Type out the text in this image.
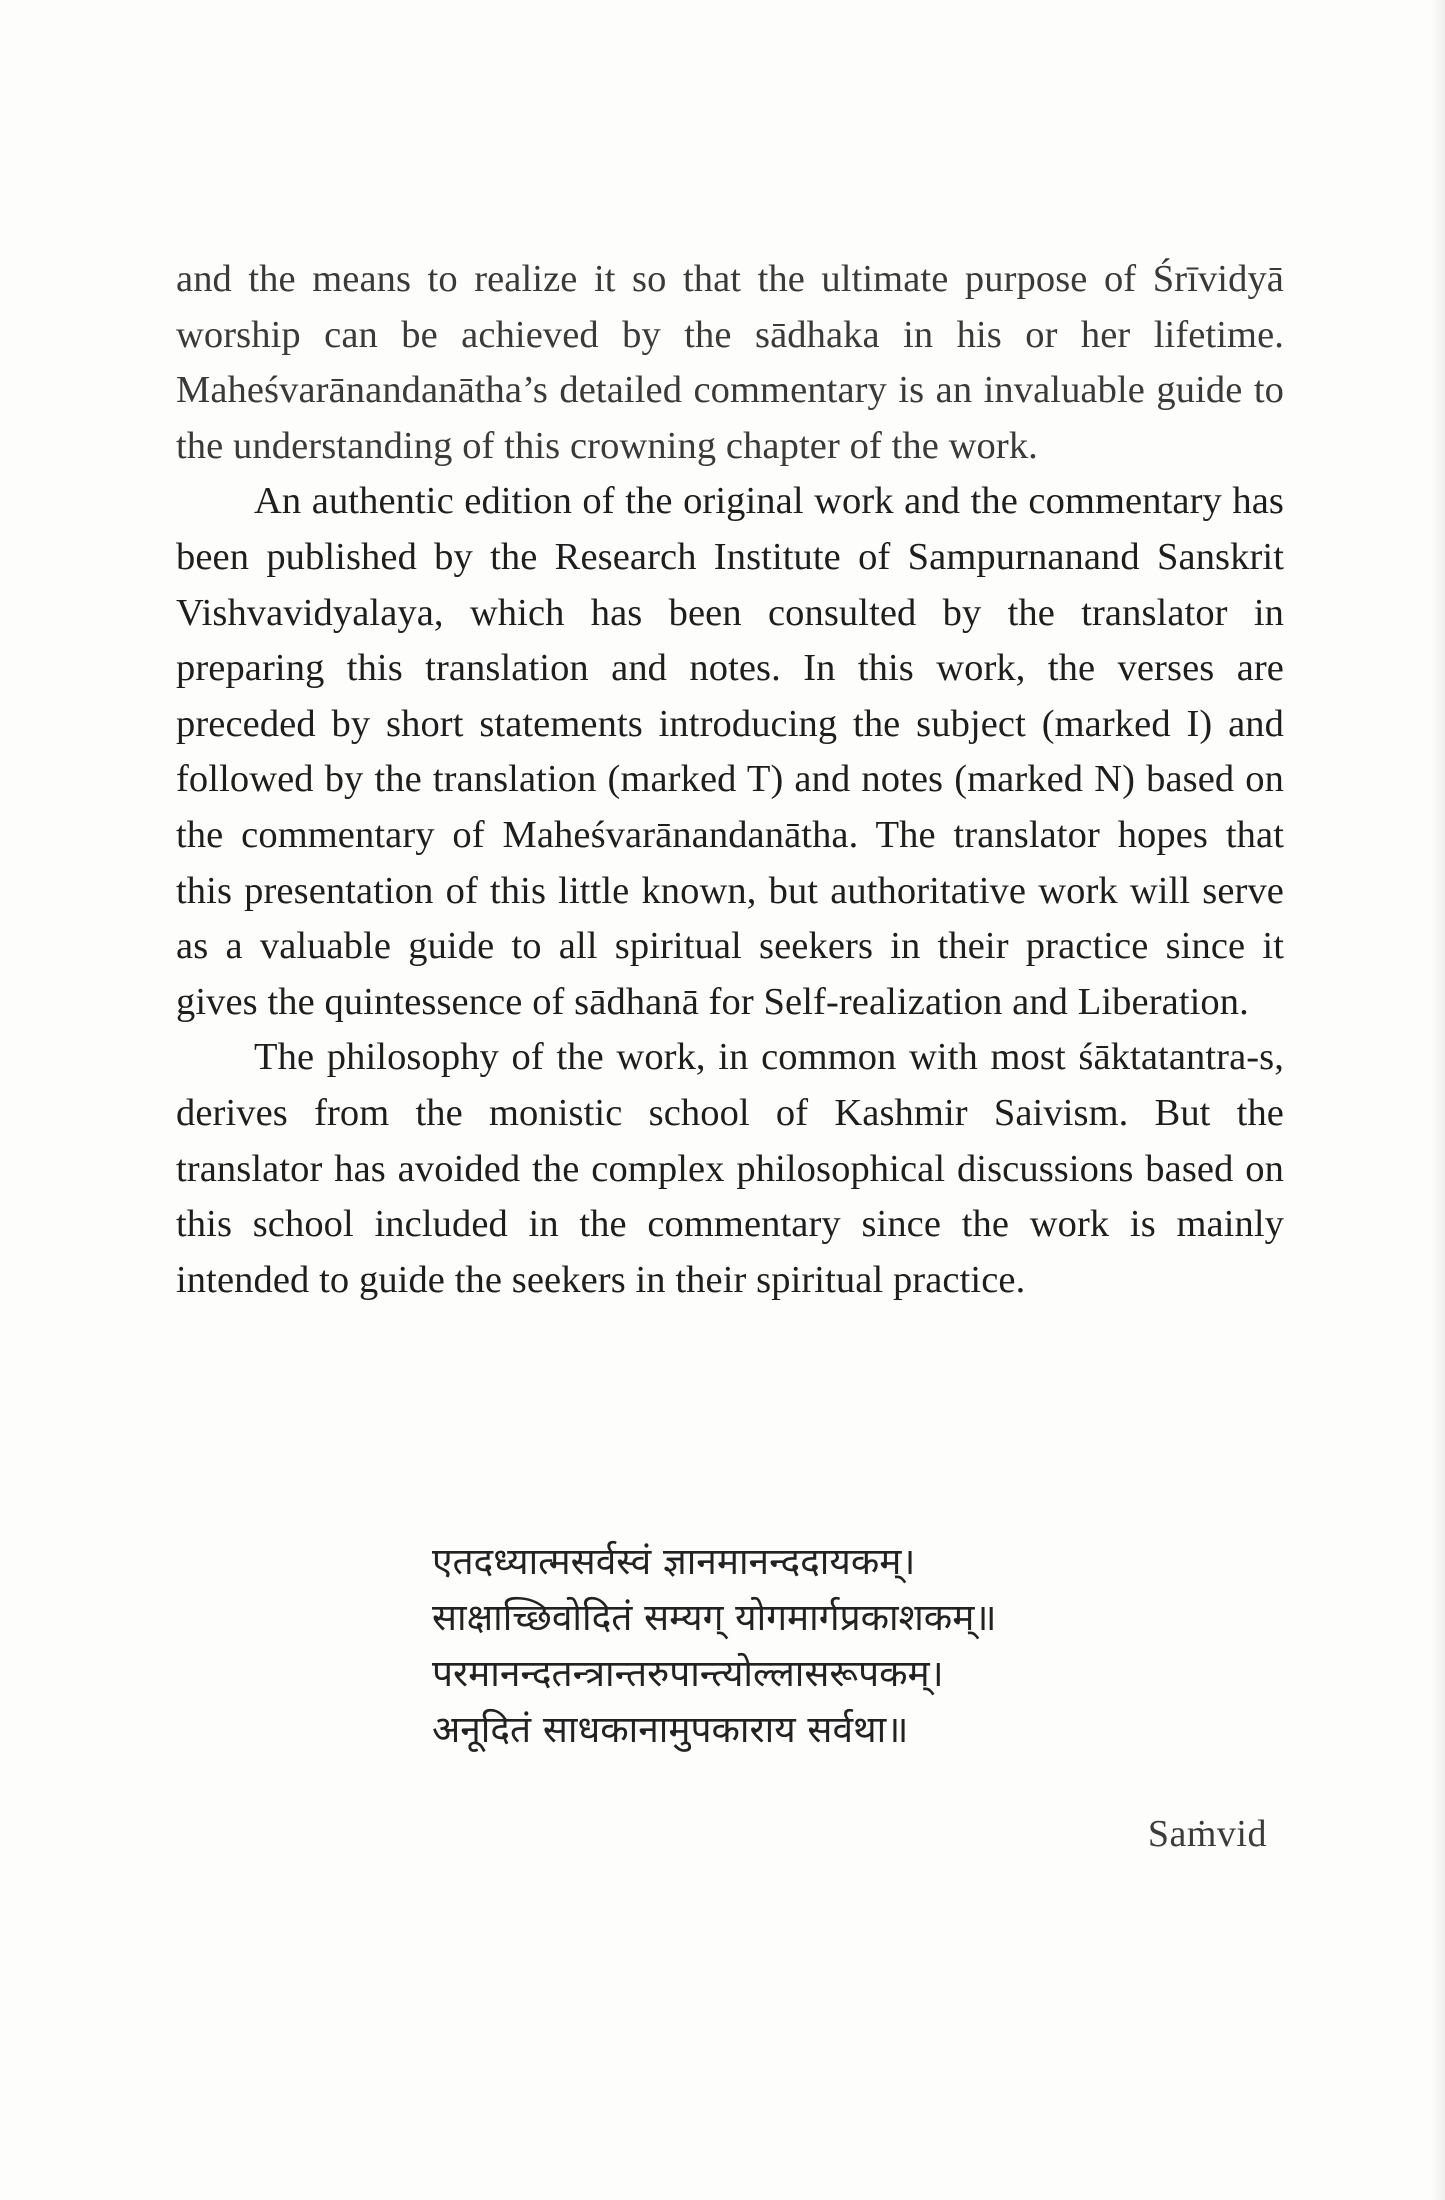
and the means to realize it so that the ultimate purpose of Śrīvidyā worship can be achieved by the sādhaka in his or her lifetime. Maheśvarānandanātha’s detailed commentary is an invaluable guide to the understanding of this crowning chapter of the work.

An authentic edition of the original work and the commentary has been published by the Research Institute of Sampurnanand Sanskrit Vishvavidyalaya, which has been consulted by the translator in preparing this translation and notes. In this work, the verses are preceded by short statements introducing the subject (marked I) and followed by the translation (marked T) and notes (marked N) based on the commentary of Maheśvarānandanātha. The translator hopes that this presentation of this little known, but authoritative work will serve as a valuable guide to all spiritual seekers in their practice since it gives the quintessence of sādhanā for Self-realization and Liberation.

The philosophy of the work, in common with most śāktatantra-s, derives from the monistic school of Kashmir Saivism. But the translator has avoided the complex philosophical discussions based on this school included in the commentary since the work is mainly intended to guide the seekers in their spiritual practice.

एतदध्यात्मसर्वस्वं ज्ञानमानन्ददायकम्।
साक्षाच्छिवोदितं सम्यग् योगमार्गप्रकाशकम्॥
परमानन्दतन्त्रान्तरुपान्त्योल्लासरूपकम्।
अनूदितं साधकानामुपकाराय सर्वथा॥
Saṁvid
